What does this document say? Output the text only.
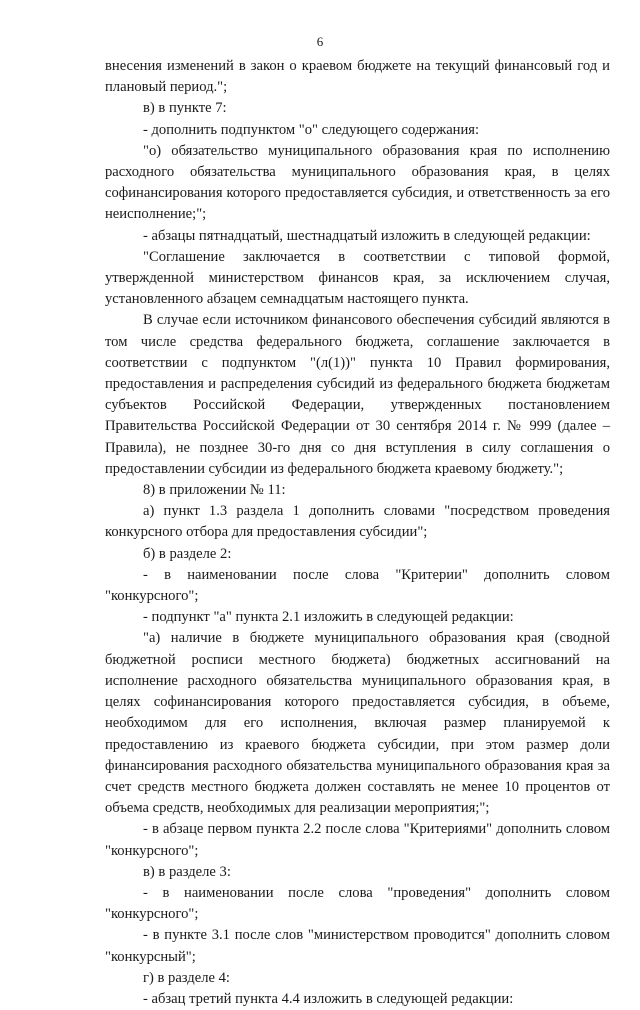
6

внесения изменений в закон о краевом бюджете на текущий финансовый год и плановый период.";

в) в пункте 7:

- дополнить подпунктом "о" следующего содержания:

"о) обязательство муниципального образования края по исполнению расходного обязательства муниципального образования края, в целях софинансирования которого предоставляется субсидия, и ответственность за его неисполнение;";

- абзацы пятнадцатый, шестнадцатый изложить в следующей редакции:

"Соглашение заключается в соответствии с типовой формой, утвержденной министерством финансов края, за исключением случая, установленного абзацем семнадцатым настоящего пункта.

В случае если источником финансового обеспечения субсидий являются в том числе средства федерального бюджета, соглашение заключается в соответствии с подпунктом "(л(1))" пункта 10 Правил формирования, предоставления и распределения субсидий из федерального бюджета бюджетам субъектов Российской Федерации, утвержденных постановлением Правительства Российской Федерации от 30 сентября 2014 г. № 999 (далее – Правила), не позднее 30-го дня со дня вступления в силу соглашения о предоставлении субсидии из федерального бюджета краевому бюджету.";

8) в приложении № 11:

а) пункт 1.3 раздела 1 дополнить словами "посредством проведения конкурсного отбора для предоставления субсидии";

б) в разделе 2:

- в наименовании после слова "Критерии" дополнить словом "конкурсного";

- подпункт "а" пункта 2.1 изложить в следующей редакции:

"а) наличие в бюджете муниципального образования края (сводной бюджетной росписи местного бюджета) бюджетных ассигнований на исполнение расходного обязательства муниципального образования края, в целях софинансирования которого предоставляется субсидия, в объеме, необходимом для его исполнения, включая размер планируемой к предоставлению из краевого бюджета субсидии, при этом размер доли финансирования расходного обязательства муниципального образования края за счет средств местного бюджета должен составлять не менее 10 процентов от объема средств, необходимых для реализации мероприятия;";

- в абзаце первом пункта 2.2 после слова "Критериями" дополнить словом "конкурсного";

в) в разделе 3:

- в наименовании после слова "проведения" дополнить словом "конкурсного";

- в пункте 3.1 после слов "министерством проводится" дополнить словом "конкурсный";

г) в разделе 4:

- абзац третий пункта 4.4 изложить в следующей редакции:
